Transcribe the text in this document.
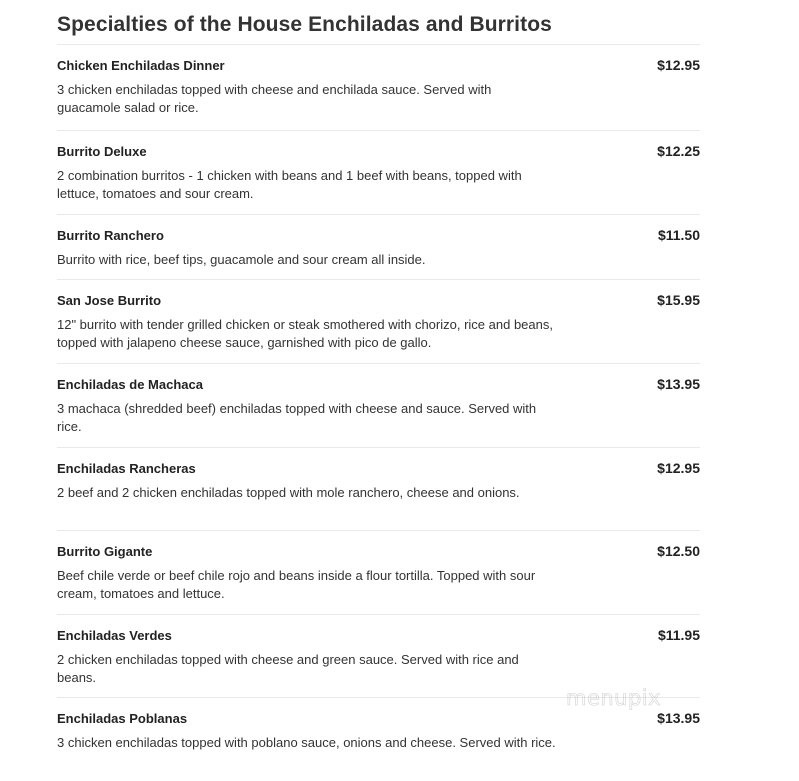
Specialties of the House Enchiladas and Burritos

Chicken Enchiladas Dinner	$12.95

3 chicken enchiladas topped with cheese and enchilada sauce. Served with guacamole salad or rice.

Burrito Deluxe	$12.25

2 combination burritos - 1 chicken with beans and 1 beef with beans, topped with lettuce, tomatoes and sour cream.

Burrito Ranchero	$11.50

Burrito with rice, beef tips, guacamole and sour cream all inside.

San Jose Burrito	$15.95

12" burrito with tender grilled chicken or steak smothered with chorizo, rice and beans, topped with jalapeno cheese sauce, garnished with pico de gallo.

Enchiladas de Machaca	$13.95

3 machaca (shredded beef) enchiladas topped with cheese and sauce. Served with rice.

Enchiladas Rancheras	$12.95

2 beef and 2 chicken enchiladas topped with mole ranchero, cheese and onions.

Burrito Gigante	$12.50

Beef chile verde or beef chile rojo and beans inside a flour tortilla. Topped with sour cream, tomatoes and lettuce.

Enchiladas Verdes	$11.95

2 chicken enchiladas topped with cheese and green sauce. Served with rice and beans.

Enchiladas Poblanas	$13.95

3 chicken enchiladas topped with poblano sauce, onions and cheese. Served with rice.

menupix
